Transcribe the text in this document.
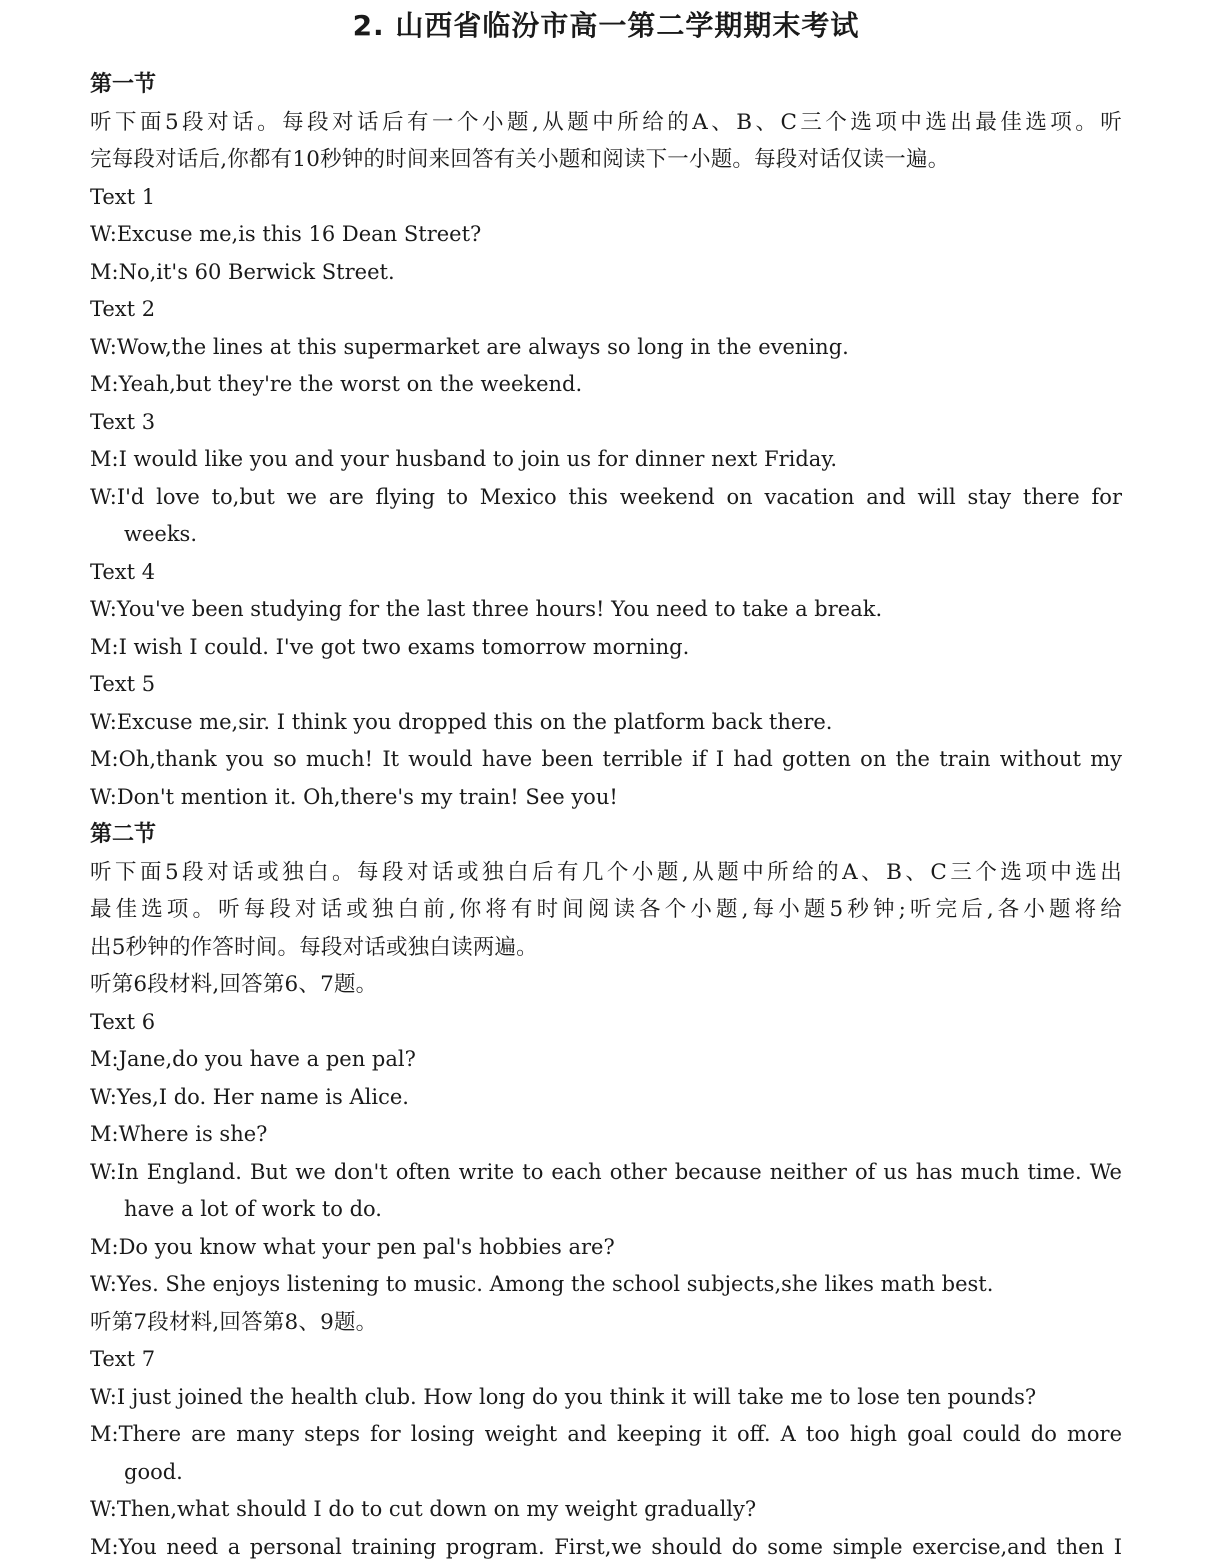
2. 山西省临汾市高一第二学期期末考试
第一节
听下面5段对话。每段对话后有一个小题,从题中所给的A、B、C三个选项中选出最佳选项。听
完每段对话后,你都有10秒钟的时间来回答有关小题和阅读下一小题。每段对话仅读一遍。
Text 1
W:Excuse me,is this 16 Dean Street?
M:No,it's 60 Berwick Street.
Text 2
W:Wow,the lines at this supermarket are always so long in the evening.
M:Yeah,but they're the worst on the weekend.
Text 3
M:I would like you and your husband to join us for dinner next Friday.
W:I'd love to,but we are flying to Mexico this weekend on vacation and will stay there for
weeks.
Text 4
W:You've been studying for the last three hours! You need to take a break.
M:I wish I could. I've got two exams tomorrow morning.
Text 5
W:Excuse me,sir. I think you dropped this on the platform back there.
M:Oh,thank you so much! It would have been terrible if I had gotten on the train without my
W:Don't mention it. Oh,there's my train! See you!
第二节
听下面5段对话或独白。每段对话或独白后有几个小题,从题中所给的A、B、C三个选项中选出
最佳选项。听每段对话或独白前,你将有时间阅读各个小题,每小题5秒钟;听完后,各小题将给
出5秒钟的作答时间。每段对话或独白读两遍。
听第6段材料,回答第6、7题。
Text 6
M:Jane,do you have a pen pal?
W:Yes,I do. Her name is Alice.
M:Where is she?
W:In England. But we don't often write to each other because neither of us has much time. We
have a lot of work to do.
M:Do you know what your pen pal's hobbies are?
W:Yes. She enjoys listening to music. Among the school subjects,she likes math best.
听第7段材料,回答第8、9题。
Text 7
W:I just joined the health club. How long do you think it will take me to lose ten pounds?
M:There are many steps for losing weight and keeping it off. A too high goal could do more
good.
W:Then,what should I do to cut down on my weight gradually?
M:You need a personal training program. First,we should do some simple exercise,and then I
